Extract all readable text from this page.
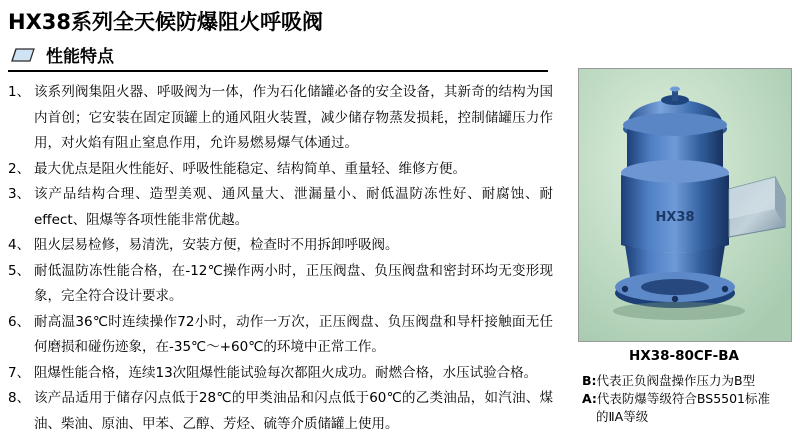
HX38系列全天候防爆阻火呼吸阀
性能特点
1、 该系列阀集阻火器、呼吸阀为一体，作为石化储罐必备的安全设备，其新奇的结构为国内首创；它安装在固定顶罐上的通风阻火装置，减少储存物蒸发损耗，控制储罐压力作用，对火焰有阻止窒息作用，允许易燃易爆气体通过。
2、 最大优点是阻火性能好、呼吸性能稳定、结构简单、重量轻、维修方便。
3、 该产品结构合理、造型美观、通风量大、泄漏量小、耐低温防冻性好、耐腐蚀、耐effect、阻爆等各项性能非常优越。
4、 阻火层易检修，易清洗，安装方便，检查时不用拆卸呼吸阀。
5、 耐低温防冻性能合格，在-12℃操作两小时，正压阀盘、负压阀盘和密封环均无变形现象，完全符合设计要求。
6、 耐高温36℃时连续操作72小时，动作一万次，正压阀盘、负压阀盘和导杆接触面无任何磨损和碰伤迹象，在-35℃～+60℃的环境中正常工作。
7、 阻爆性能合格，连续13次阻爆性能试验每次都阻火成功。耐燃合格，水压试验合格。
8、 该产品适用于储存闪点低于28℃的甲类油品和闪点低于60℃的乙类油品，如汽油、煤油、柴油、原油、甲苯、乙醇、芳烃、硫等介质储罐上使用。
HX38
HX38-80CF-BA
B: 代表正负阀盘操作压力为B型
A: 代表防爆等级符合BS5501标准
的ⅡA等级
